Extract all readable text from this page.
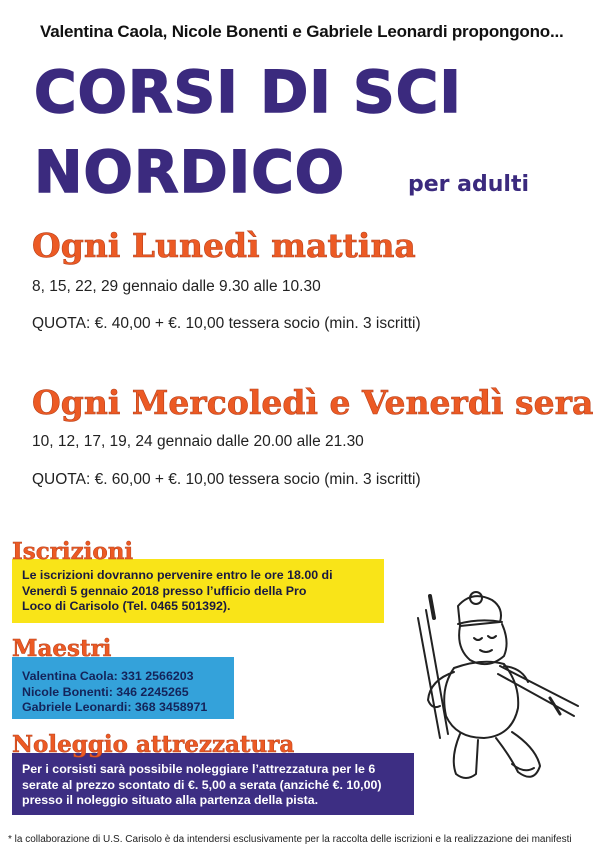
Valentina Caola, Nicole Bonenti e Gabriele Leonardi propongono...
CORSI DI SCI
NORDICO	per adulti
Ogni Lunedì mattina
8, 15, 22, 29 gennaio dalle 9.30 alle 10.30
QUOTA: €. 40,00 + €. 10,00 tessera socio (min. 3 iscritti)
Ogni Mercoledì e Venerdì sera
10, 12, 17, 19, 24 gennaio dalle 20.00 alle 21.30
QUOTA: €. 60,00 + €. 10,00 tessera socio (min. 3 iscritti)
Le iscrizioni dovranno pervenire entro le ore 18.00 di
Venerdì 5 gennaio 2018 presso l’ufficio della Pro
Loco di Carisolo (Tel. 0465 501392).
Iscrizioni
Valentina Caola: 331 2566203
Nicole Bonenti: 346 2245265
Gabriele Leonardi: 368 3458971
Maestri
Per i corsisti sarà possibile noleggiare l’attrezzatura per le 6
serate al prezzo scontato di €. 5,00 a serata (anziché €. 10,00)
presso il noleggio situato alla partenza della pista.
Noleggio attrezzatura
* la collaborazione di U.S. Carisolo è da intendersi esclusivamente per la raccolta delle iscrizioni e la realizzazione dei manifesti
